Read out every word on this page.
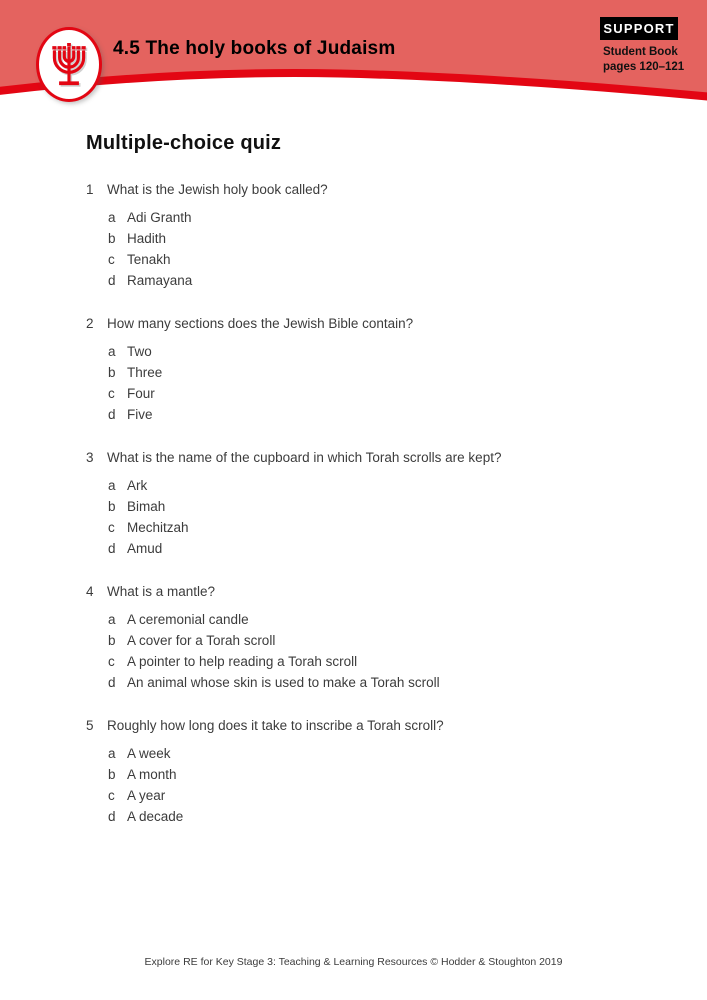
4.5 The holy books of Judaism
SUPPORT
Student Book
pages 120–121
Multiple-choice quiz
1 What is the Jewish holy book called?
a Adi Granth
b Hadith
c Tenakh
d Ramayana
2 How many sections does the Jewish Bible contain?
a Two
b Three
c Four
d Five
3 What is the name of the cupboard in which Torah scrolls are kept?
a Ark
b Bimah
c Mechitzah
d Amud
4 What is a mantle?
a A ceremonial candle
b A cover for a Torah scroll
c A pointer to help reading a Torah scroll
d An animal whose skin is used to make a Torah scroll
5 Roughly how long does it take to inscribe a Torah scroll?
a A week
b A month
c A year
d A decade
Explore RE for Key Stage 3: Teaching & Learning Resources © Hodder & Stoughton 2019
